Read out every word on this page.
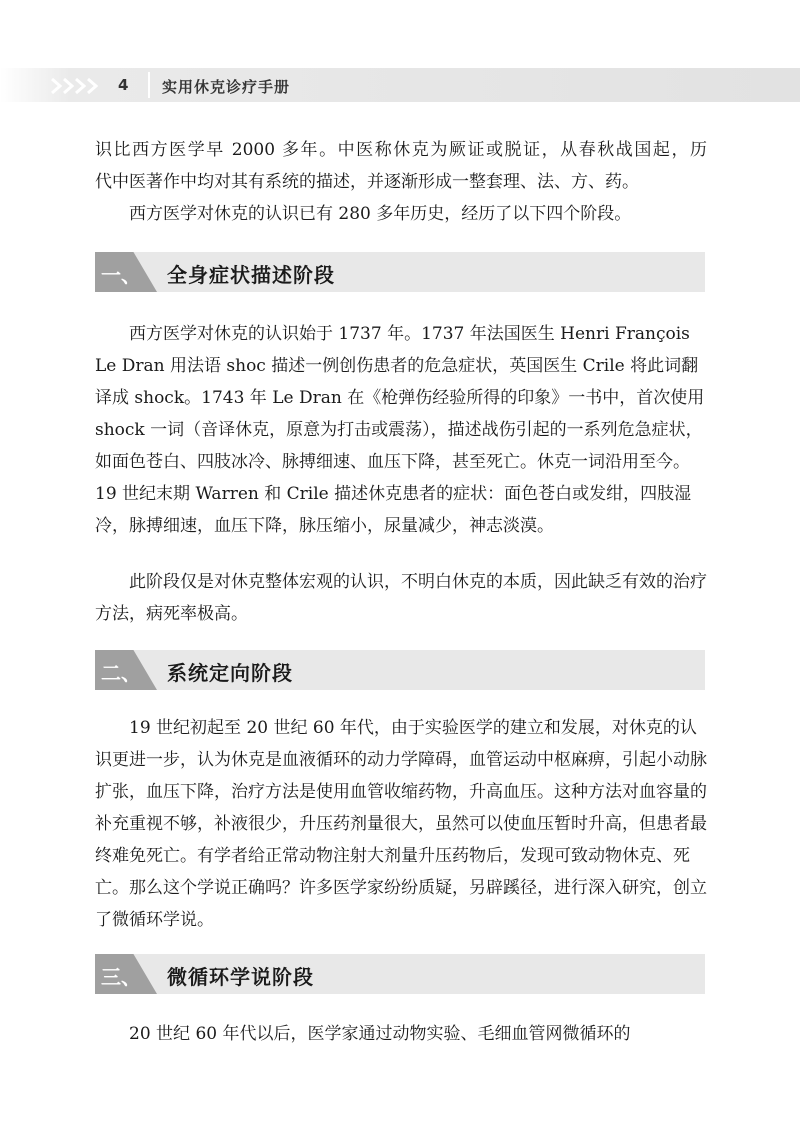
4 实用休克诊疗手册

识比西方医学早 2000 多年。中医称休克为厥证或脱证，从春秋战国起，历

代中医著作中均对其有系统的描述，并逐渐形成一整套理、法、方、药。

西方医学对休克的认识已有 280 多年历史，经历了以下四个阶段。

一、 全身症状描述阶段

西方医学对休克的认识始于 1737 年。1737 年法国医生 Henri François Le Dran 用法语 shoc 描述一例创伤患者的危急症状，英国医生 Crile 将此词翻译成 shock。1743 年 Le Dran 在《枪弹伤经验所得的印象》一书中，首次使用 shock 一词（音译休克，原意为打击或震荡），描述战伤引起的一系列危急症状，如面色苍白、四肢冰冷、脉搏细速、血压下降，甚至死亡。休克一词沿用至今。19 世纪末期 Warren 和 Crile 描述休克患者的症状：面色苍白或发绀，四肢湿冷，脉搏细速，血压下降，脉压缩小，尿量减少，神志淡漠。

此阶段仅是对休克整体宏观的认识，不明白休克的本质，因此缺乏有效的治疗方法，病死率极高。

二、 系统定向阶段

19 世纪初起至 20 世纪 60 年代，由于实验医学的建立和发展，对休克的认识更进一步，认为休克是血液循环的动力学障碍，血管运动中枢麻痹，引起小动脉扩张，血压下降，治疗方法是使用血管收缩药物，升高血压。这种方法对血容量的补充重视不够，补液很少，升压药剂量很大，虽然可以使血压暂时升高，但患者最终难免死亡。有学者给正常动物注射大剂量升压药物后，发现可致动物休克、死亡。那么这个学说正确吗？许多医学家纷纷质疑，另辟蹊径，进行深入研究，创立了微循环学说。

三、 微循环学说阶段

20 世纪 60 年代以后，医学家通过动物实验、毛细血管网微循环的
